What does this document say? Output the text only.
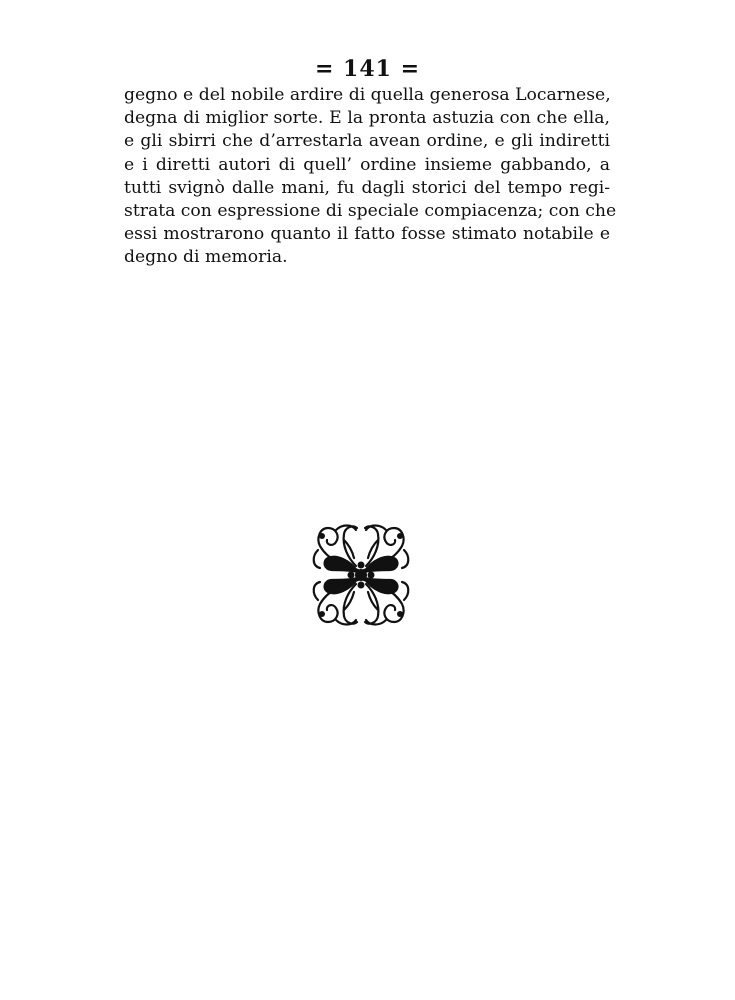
= 141 =
gegno e del nobile ardire di quella generosa Locarnese,
degna di miglior sorte. E la pronta astuzia con che ella,
e gli sbirri che d’arrestarla avean ordine, e gli indiretti
e i diretti autori di quell’ ordine insieme gabbando, a
tutti svignò dalle mani, fu dagli storici del tempo regi-
strata con espressione di speciale compiacenza; con che
essi mostrarono quanto il fatto fosse stimato notabile e
degno di memoria.
